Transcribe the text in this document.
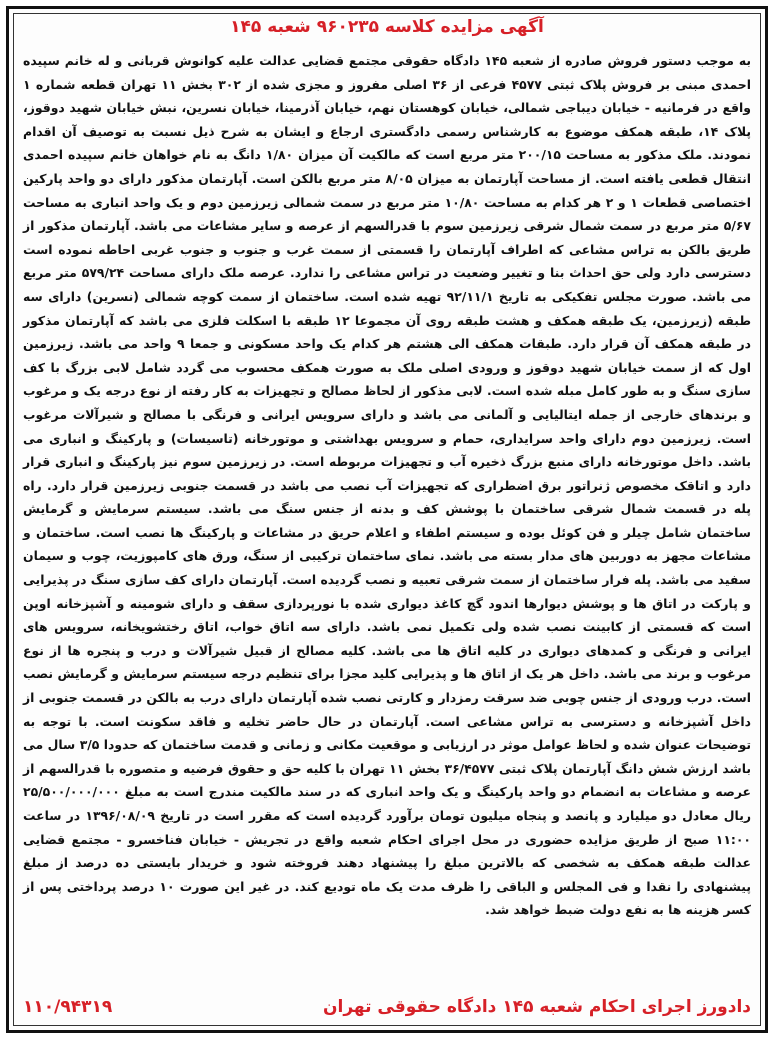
آگهی مزایده کلاسه ۹۶۰۲۳۵ شعبه ۱۴۵
به موجب دستور فروش صادره از شعبه ۱۴۵ دادگاه حقوقی مجتمع قضایی عدالت علیه کوانوش قربانی و له خانم سپیده احمدی مبنی بر فروش پلاک ثبتی ۴۵۷۷ فرعی از ۳۶ اصلی مفروز و مجزی شده از ۳۰۲ بخش ۱۱ تهران قطعه شماره ۱ واقع در فرمانیه - خیابان دیباجی شمالی، خیابان کوهستان نهم، خیابان آذرمینا، خیابان نسرین، نبش خیابان شهید دوقوز، پلاک ۱۴، طبقه همکف موضوع به کارشناس رسمی دادگستری ارجاع و ایشان به شرح ذیل نسبت به توصیف آن اقدام نمودند. ملک مذکور به مساحت ۲۰۰/۱۵ متر مربع است که مالکیت آن میزان ۱/۸۰ دانگ به نام خواهان خانم سپیده احمدی انتقال قطعی یافته است. از مساحت آپارتمان به میزان ۸/۰۵ متر مربع بالکن است. آپارتمان مذکور دارای دو واحد پارکین اختصاصی قطعات ۱ و ۲ هر کدام به مساحت ۱۰/۸۰ متر مربع در سمت شمالی زیرزمین دوم و یک واحد انباری به مساحت ۵/۶۷ متر مربع در سمت شمال شرقی زیرزمین سوم با قدرالسهم از عرصه و سایر مشاعات می باشد. آپارتمان مذکور از طریق بالکن به تراس مشاعی که اطراف آپارتمان را قسمتی از سمت غرب و جنوب و جنوب غربی احاطه نموده است دسترسی دارد ولی حق احداث بنا و تغییر وضعیت در تراس مشاعی را ندارد. عرصه ملک دارای مساحت ۵۷۹/۲۴ متر مربع می باشد. صورت مجلس تفکیکی به تاریخ ۹۲/۱۱/۱ تهیه شده است. ساختمان از سمت کوچه شمالی (نسرین) دارای سه طبقه (زیرزمین، یک طبقه همکف و هشت طبقه روی آن مجموعا ۱۲ طبقه با اسکلت فلزی می باشد که آپارتمان مذکور در طبقه همکف آن قرار دارد. طبقات همکف الی هشتم هر کدام یک واحد مسکونی و جمعا ۹ واحد می باشد. زیرزمین اول که از سمت خیابان شهید دوقوز و ورودی اصلی ملک به صورت همکف محسوب می گردد شامل لابی بزرگ با کف سازی سنگ و به طور کامل مبله شده است. لابی مذکور از لحاظ مصالح و تجهیزات به کار رفته از نوع درجه یک و مرغوب و برندهای خارجی از جمله ایتالیایی و آلمانی می باشد و دارای سرویس ایرانی و فرنگی با مصالح و شیرآلات مرغوب است. زیرزمین دوم دارای واحد سرایداری، حمام و سرویس بهداشتی و موتورخانه (تاسیسات) و پارکینگ و انباری می باشد. داخل موتورخانه دارای منبع بزرگ ذخیره آب و تجهیزات مربوطه است. در زیرزمین سوم نیز پارکینگ و انباری قرار دارد و اتاقک مخصوص ژنراتور برق اضطراری که تجهیزات آب نصب می باشد در قسمت جنوبی زیرزمین قرار دارد. راه پله در قسمت شمال شرقی ساختمان با پوشش کف و بدنه از جنس سنگ می باشد. سیستم سرمایش و گرمایش ساختمان شامل چیلر و فن کوئل بوده و سیستم اطفاء و اعلام حریق در مشاعات و پارکینگ ها نصب است. ساختمان و مشاعات مجهز به دوربین های مدار بسته می باشد. نمای ساختمان ترکیبی از سنگ، ورق های کامپوزیت، چوب و سیمان سفید می باشد. پله فرار ساختمان از سمت شرقی تعبیه و نصب گردیده است. آپارتمان دارای کف سازی سنگ در پذیرایی و پارکت در اتاق ها و پوشش دیوارها اندود گچ کاغذ دیواری شده با نورپردازی سقف و دارای شومینه و آشپزخانه اوپن است که قسمتی از کابینت نصب شده ولی تکمیل نمی باشد. دارای سه اتاق خواب، اتاق رختشویخانه، سرویس های ایرانی و فرنگی و کمدهای دیواری در کلیه اتاق ها می باشد. کلیه مصالح از قبیل شیرآلات و درب و پنجره ها از نوع مرغوب و برند می باشد. داخل هر یک از اتاق ها و پذیرایی کلید مجزا برای تنظیم درجه سیستم سرمایش و گرمایش نصب است. درب ورودی از جنس چوبی ضد سرقت رمزدار و کارتی نصب شده آپارتمان دارای درب به بالکن در قسمت جنوبی از داخل آشپزخانه و دسترسی به تراس مشاعی است. آپارتمان در حال حاضر تخلیه و فاقد سکونت است. با توجه به توضیحات عنوان شده و لحاظ عوامل موثر در ارزیابی و موقعیت مکانی و زمانی و قدمت ساختمان که حدودا ۳/۵ سال می باشد ارزش شش دانگ آپارتمان پلاک ثبتی ۳۶/۴۵۷۷ بخش ۱۱ تهران با کلیه حق و حقوق فرضیه و متصوره با قدرالسهم از عرصه و مشاعات به انضمام دو واحد پارکینگ و یک واحد انباری که در سند مالکیت مندرج است به مبلغ ۲۵/۵۰۰/۰۰۰/۰۰۰ ریال معادل دو میلیارد و پانصد و پنجاه میلیون تومان برآورد گردیده است که مقرر است در تاریخ ۱۳۹۶/۰۸/۰۹ در ساعت ۱۱:۰۰ صبح از طریق مزایده حضوری در محل اجرای احکام شعبه واقع در تجریش - خیابان فناخسرو - مجتمع قضایی عدالت طبقه همکف به شخصی که بالاترین مبلغ را پیشنهاد دهند فروخته شود و خریدار بایستی ده درصد از مبلغ پیشنهادی را نقدا و فی المجلس و الباقی را ظرف مدت یک ماه تودیع کند. در غیر این صورت ۱۰ درصد پرداختی پس از کسر هزینه ها به نفع دولت ضبط خواهد شد.
دادورز اجرای احکام شعبه ۱۴۵ دادگاه حقوقی تهران
۱۱۰/۹۴۳۱۹
